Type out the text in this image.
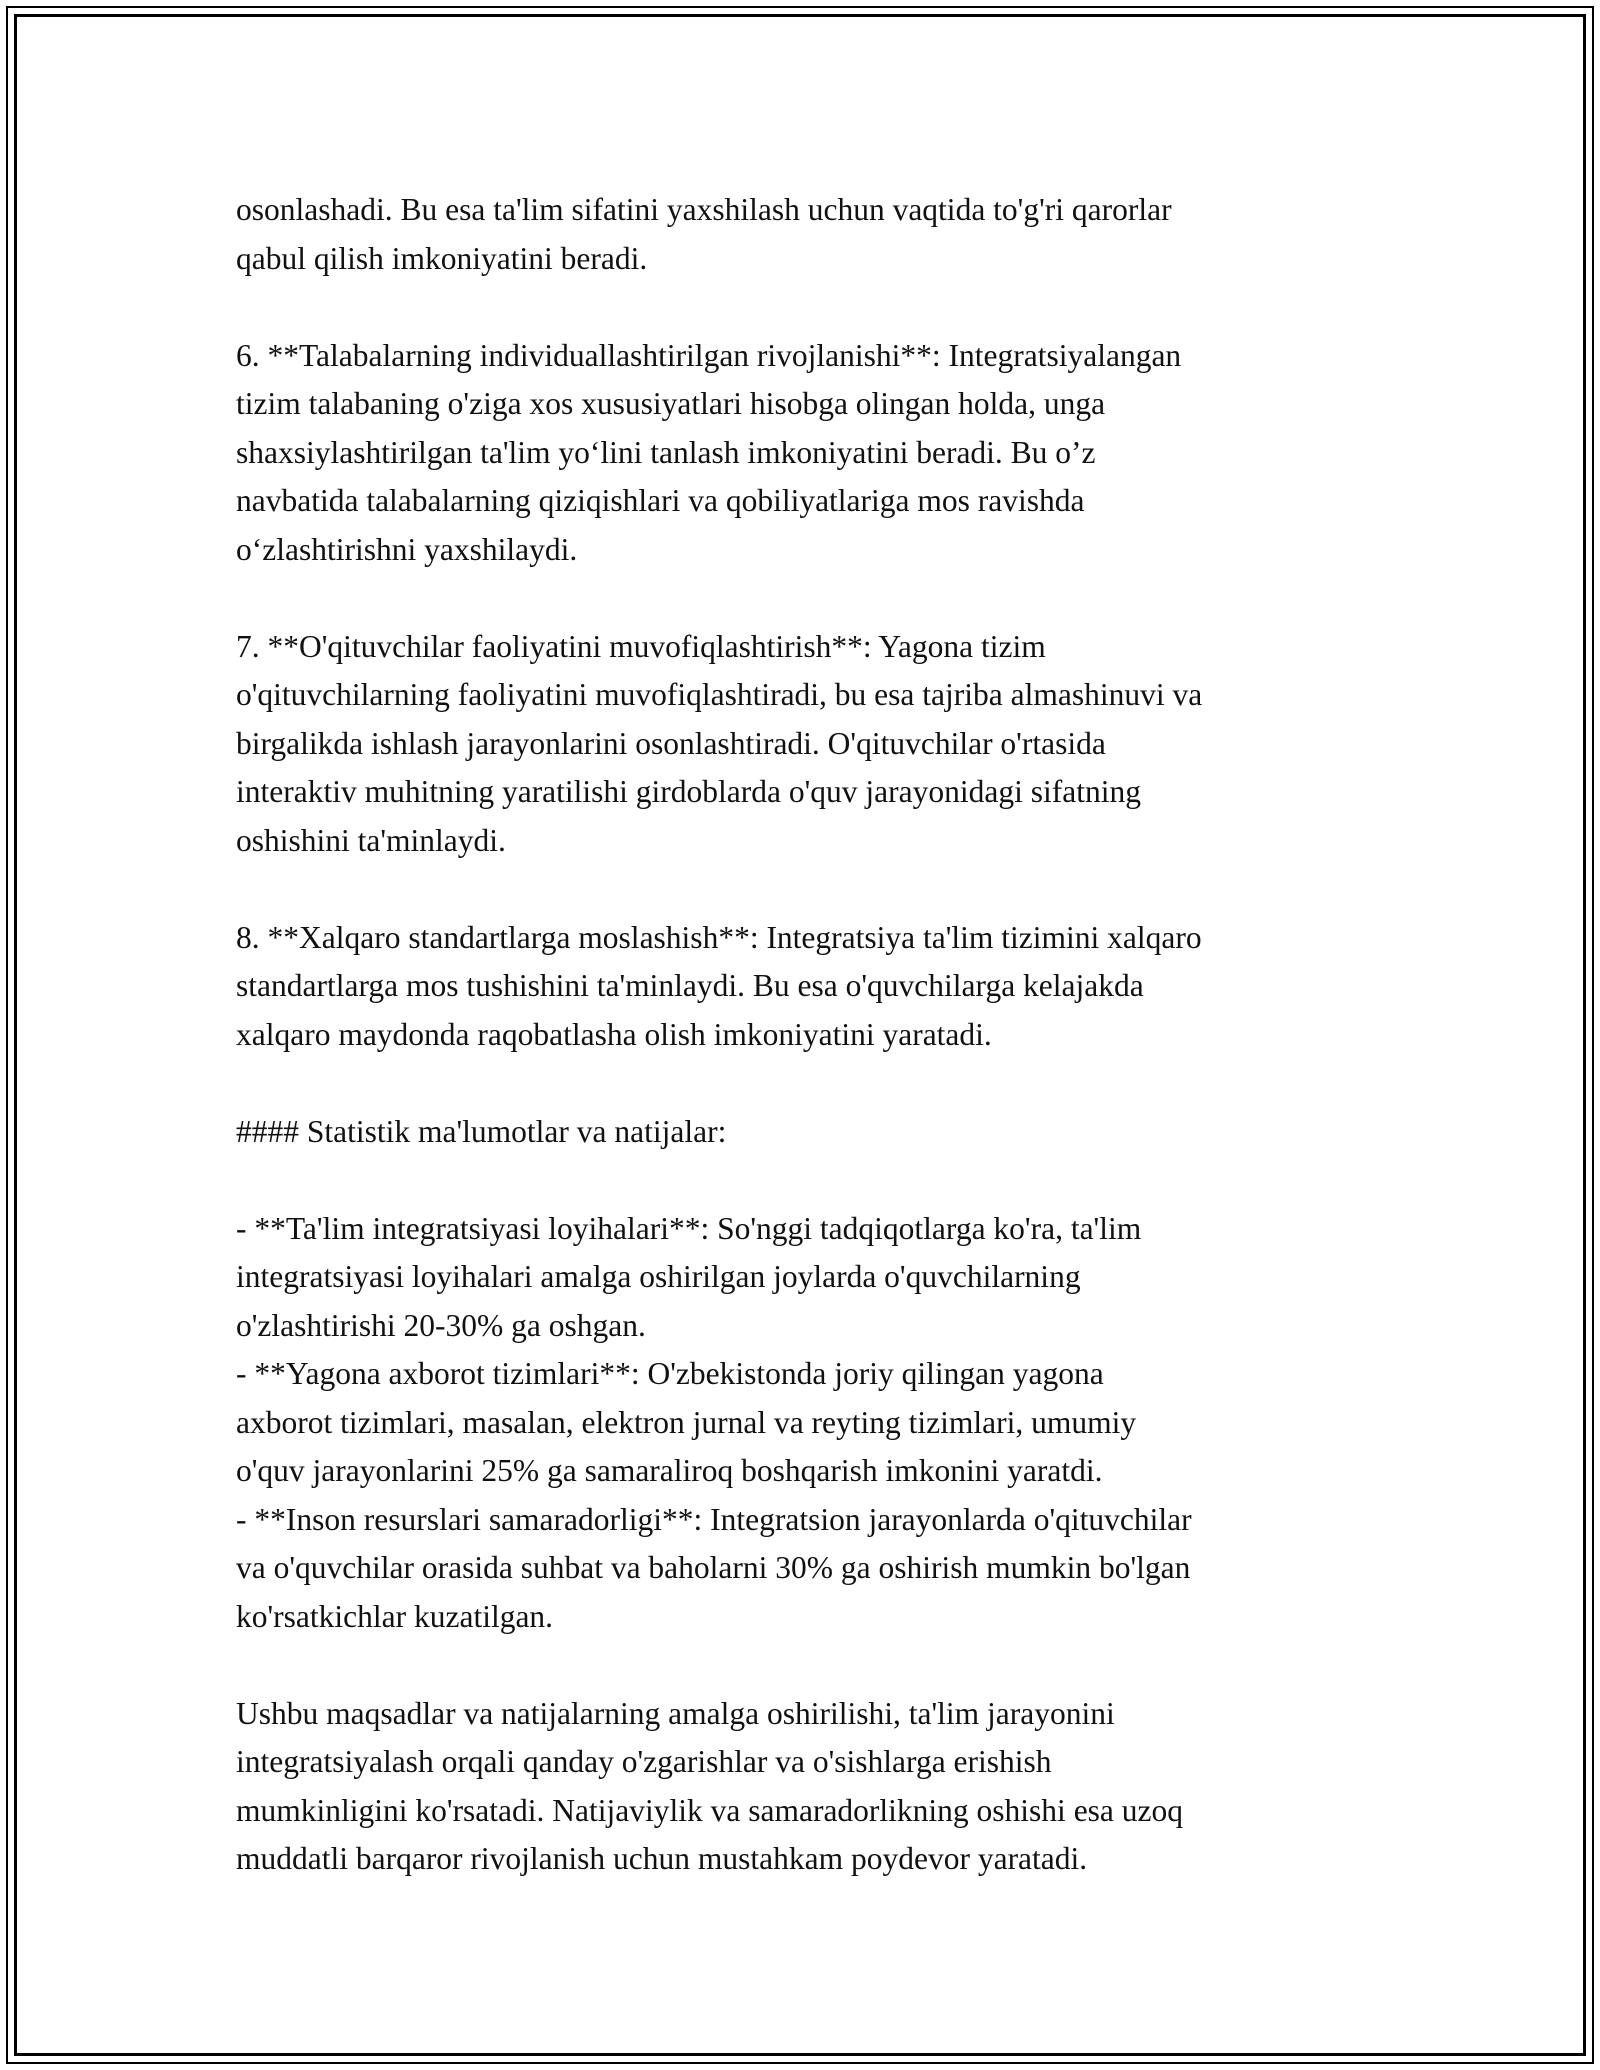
osonlashadi. Bu esa ta'lim sifatini yaxshilash uchun vaqtida to'g'ri qarorlar
qabul qilish imkoniyatini beradi.

6. **Talabalarning individuallashtirilgan rivojlanishi**: Integratsiyalangan
tizim talabaning o'ziga xos xususiyatlari hisobga olingan holda, unga
shaxsiylashtirilgan ta'lim yo‘lini tanlash imkoniyatini beradi. Bu o’z
navbatida talabalarning qiziqishlari va qobiliyatlariga mos ravishda
o‘zlashtirishni yaxshilaydi.

7. **O'qituvchilar faoliyatini muvofiqlashtirish**: Yagona tizim
o'qituvchilarning faoliyatini muvofiqlashtiradi, bu esa tajriba almashinuvi va
birgalikda ishlash jarayonlarini osonlashtiradi. O'qituvchilar o'rtasida
interaktiv muhitning yaratilishi girdoblarda o'quv jarayonidagi sifatning
oshishini ta'minlaydi.

8. **Xalqaro standartlarga moslashish**: Integratsiya ta'lim tizimini xalqaro
standartlarga mos tushishini ta'minlaydi. Bu esa o'quvchilarga kelajakda
xalqaro maydonda raqobatlasha olish imkoniyatini yaratadi.

#### Statistik ma'lumotlar va natijalar:

- **Ta'lim integratsiyasi loyihalari**: So'nggi tadqiqotlarga ko'ra, ta'lim
integratsiyasi loyihalari amalga oshirilgan joylarda o'quvchilarning
o'zlashtirishi 20-30% ga oshgan.
- **Yagona axborot tizimlari**: O'zbekistonda joriy qilingan yagona
axborot tizimlari, masalan, elektron jurnal va reyting tizimlari, umumiy
o'quv jarayonlarini 25% ga samaraliroq boshqarish imkonini yaratdi.
- **Inson resurslari samaradorligi**: Integratsion jarayonlarda o'qituvchilar
va o'quvchilar orasida suhbat va baholarni 30% ga oshirish mumkin bo'lgan
ko'rsatkichlar kuzatilgan.

Ushbu maqsadlar va natijalarning amalga oshirilishi, ta'lim jarayonini
integratsiyalash orqali qanday o'zgarishlar va o'sishlarga erishish
mumkinligini ko'rsatadi. Natijaviylik va samaradorlikning oshishi esa uzoq
muddatli barqaror rivojlanish uchun mustahkam poydevor yaratadi.
